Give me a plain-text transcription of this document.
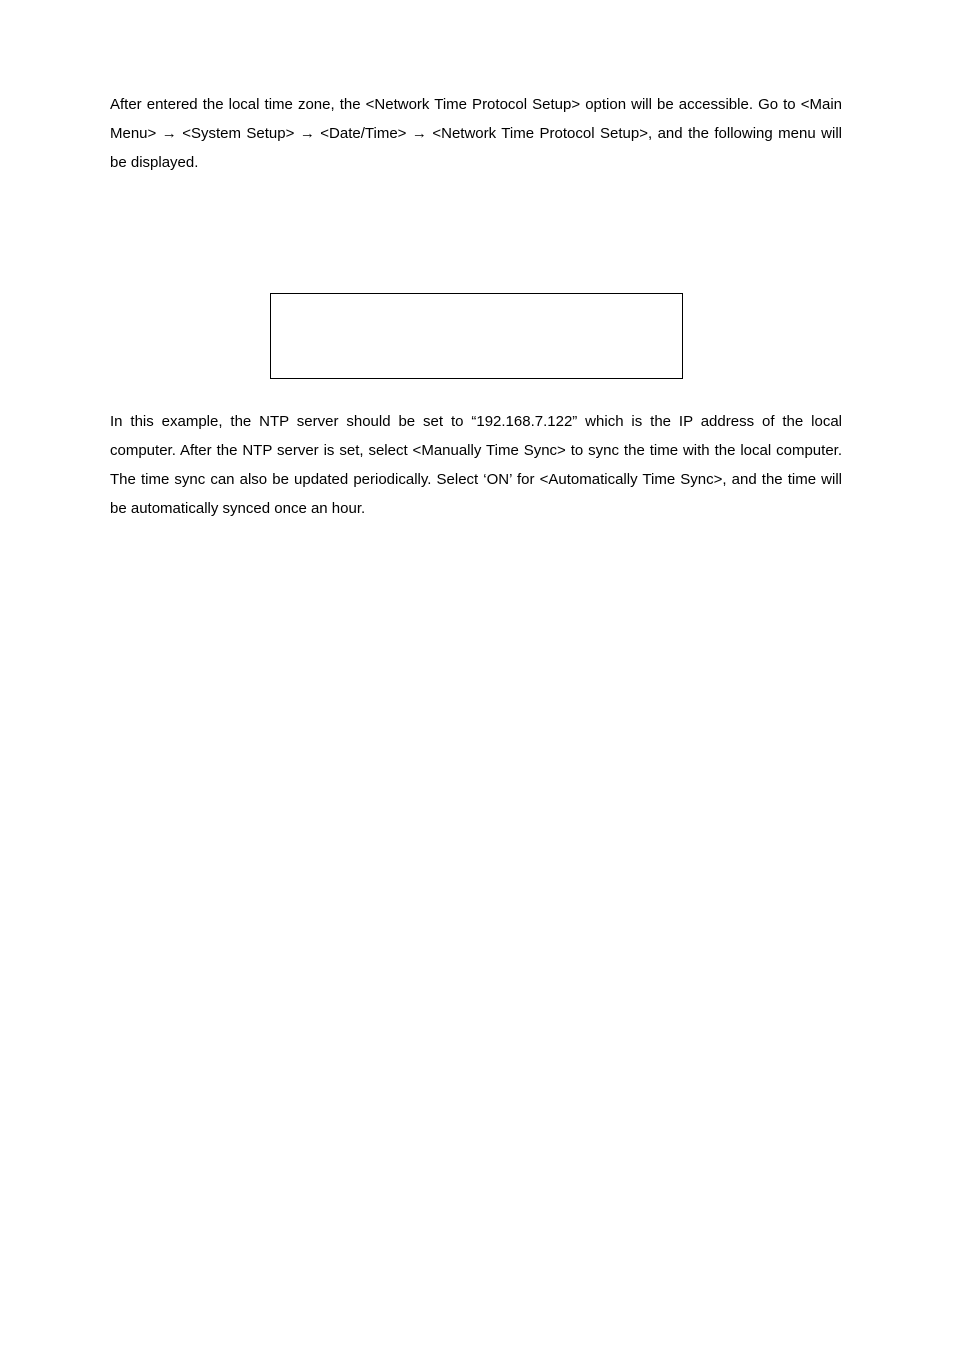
After entered the local time zone, the <Network Time Protocol Setup> option will be accessible. Go to <Main Menu> → <System Setup> → <Date/Time> → <Network Time Protocol Setup>, and the following menu will be displayed.

In this example, the NTP server should be set to “192.168.7.122” which is the IP address of the local computer. After the NTP server is set, select <Manually Time Sync> to sync the time with the local computer. The time sync can also be updated periodically. Select ‘ON’ for <Automatically Time Sync>, and the time will be automatically synced once an hour.
